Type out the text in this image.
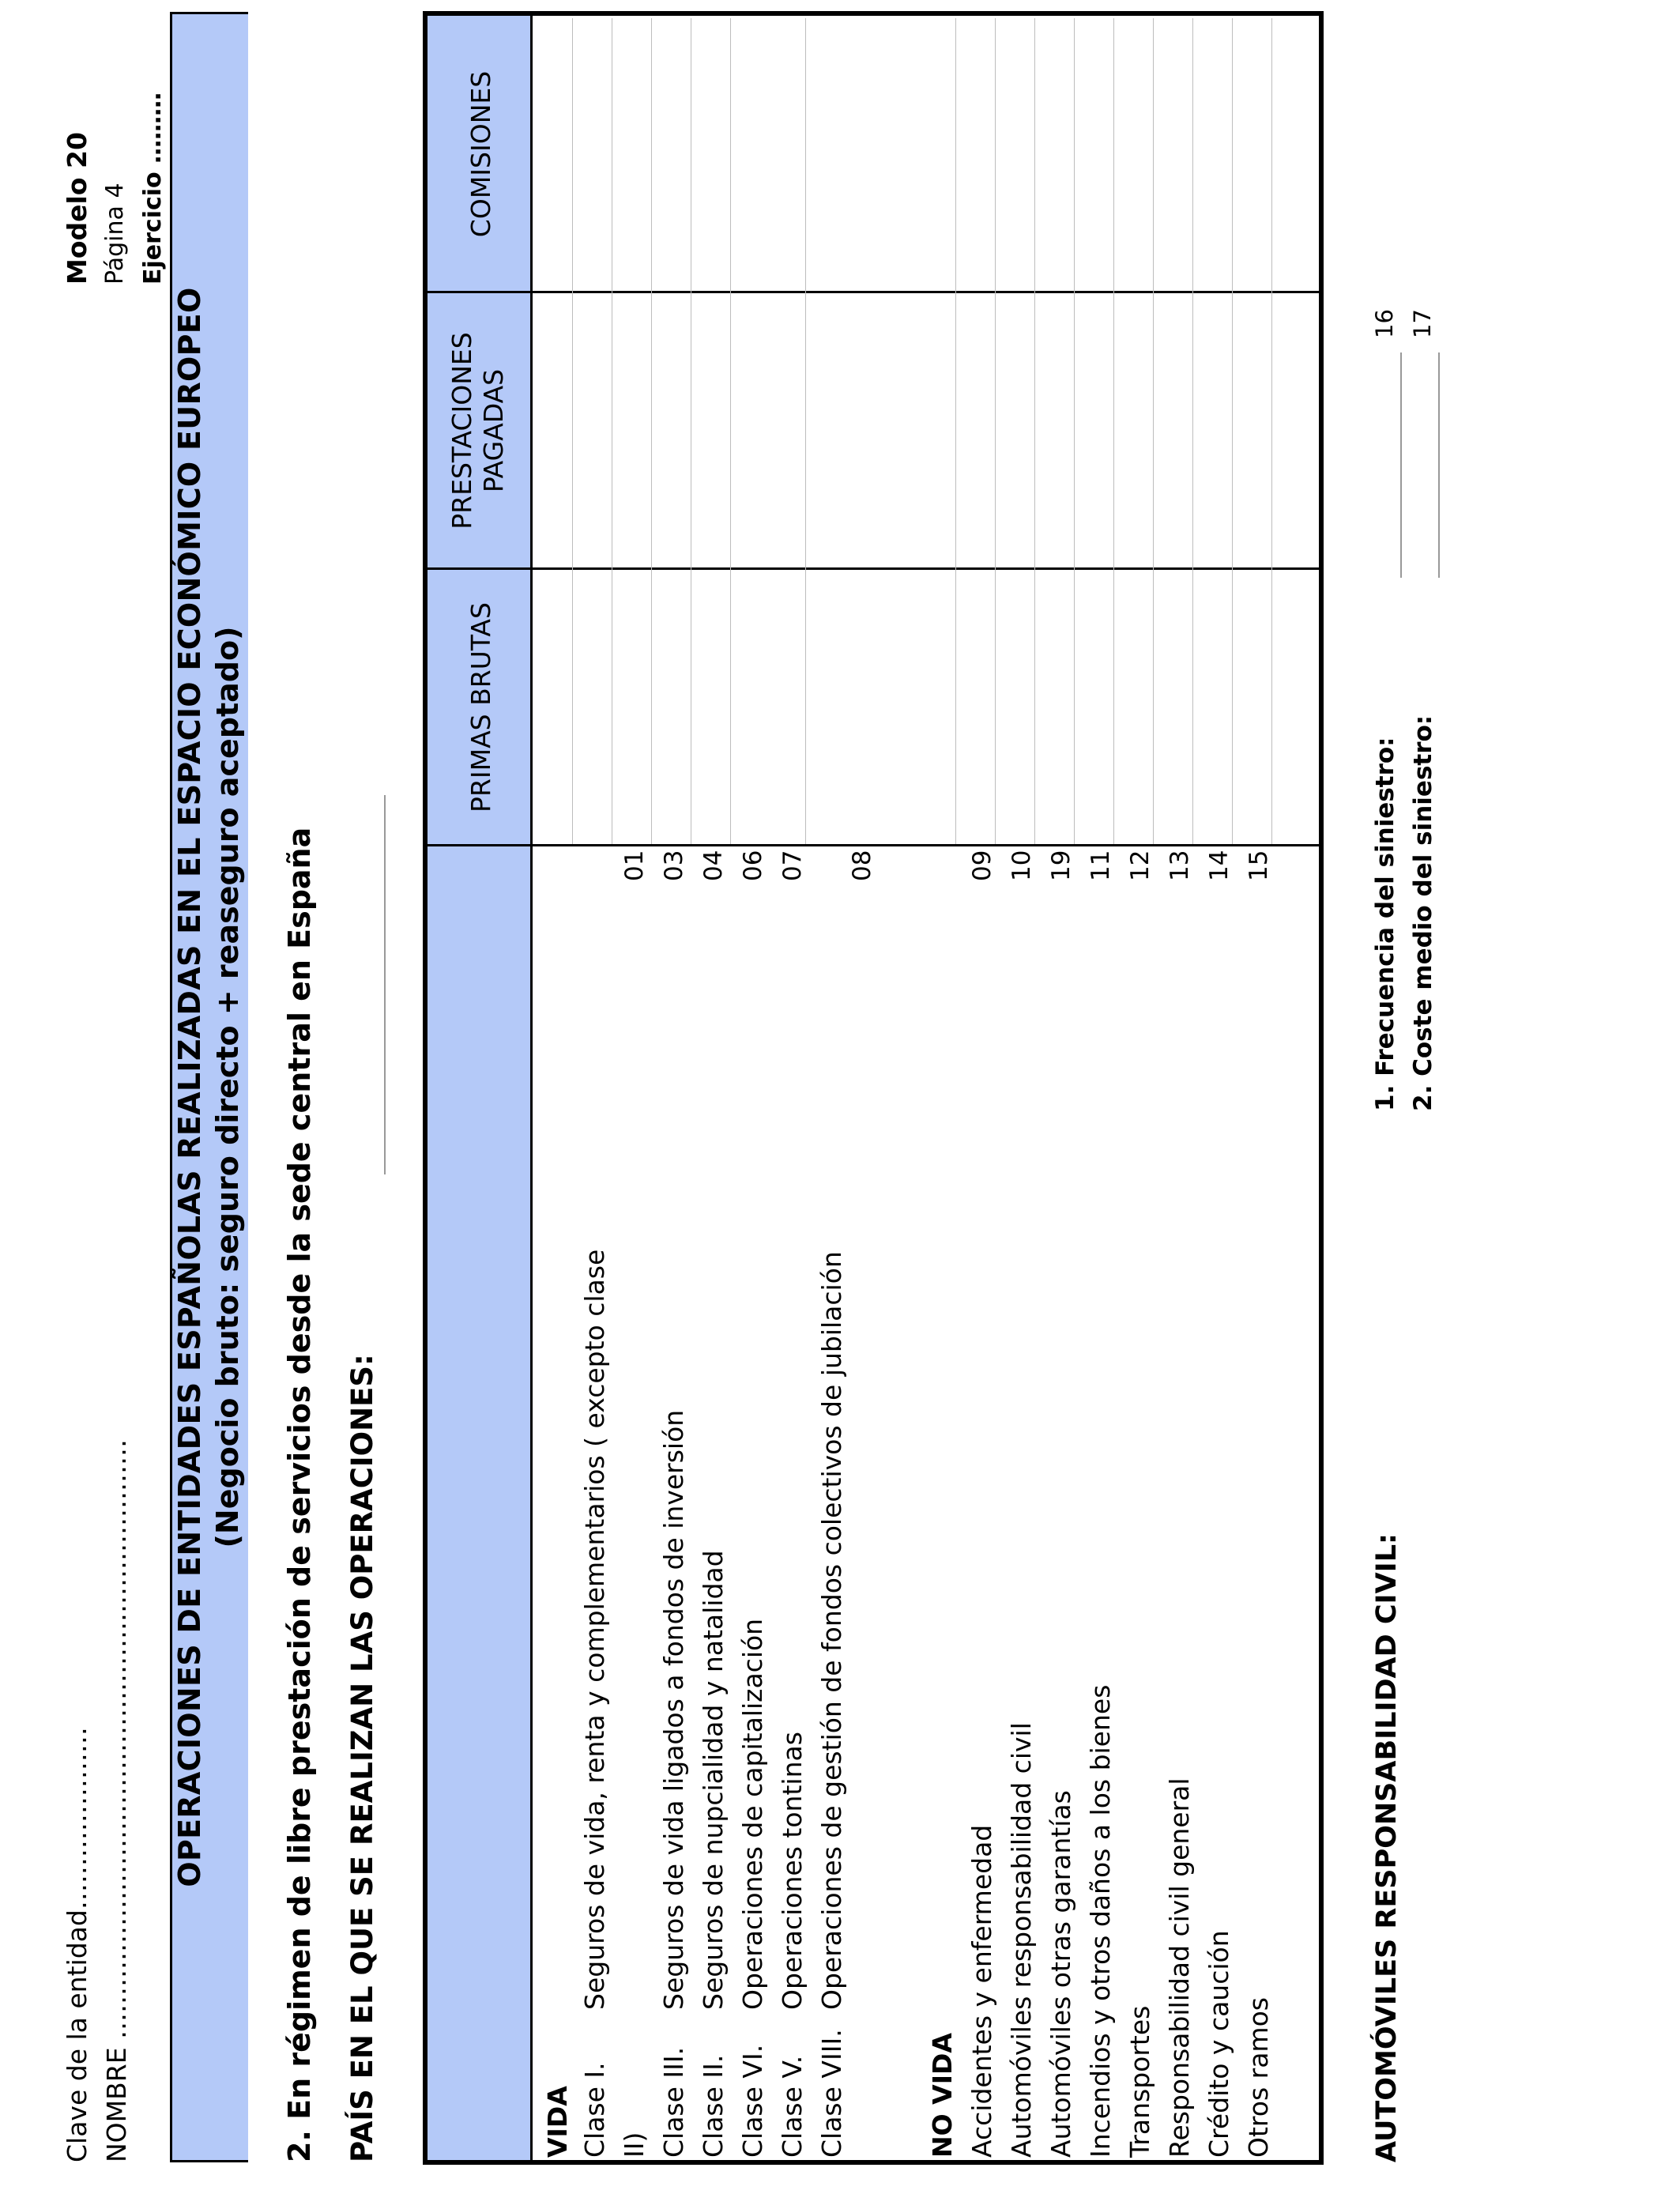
Clave de la entidad………………… NOMBRE ……………………………………………………………
Modelo 20 Página 4 Ejercicio ………
OPERACIONES DE ENTIDADES ESPAÑOLAS REALIZADAS EN EL ESPACIO ECONÓMICO EUROPEO (Negocio bruto: seguro directo + reaseguro aceptado) 2. En régimen de libre prestación de servicios desde la sede central en España PAÍS EN EL QUE SE REALIZAN LAS OPERACIONES:
PRIMAS BRUTAS
PRESTACIONES PAGADAS
COMISIONES
VIDA Clase I.
Seguros de vida, renta y complementarios ( excepto clase
II)
01
Clase III.
Seguros de vida ligados a fondos de inversión
03
Clase II.
Seguros de nupcialidad y natalidad
04
Clase VI.
Operaciones de capitalización
06
Clase V.
Operaciones tontinas
07
Clase VIII.
Operaciones de gestión de fondos colectivos de jubilación
08
NO VIDA Accidentes y enfermedad
09
Automóviles responsabilidad civil
10
Automóviles otras garantías
19
Incendios y otros daños a los bienes
11
Transportes
12
Responsabilidad civil general
13
Crédito y caución
14
Otros ramos
15
AUTOMÓVILES RESPONSABILIDAD CIVIL:
1. Frecuencia del siniestro: 2. Coste medio del siniestro:
16 17
